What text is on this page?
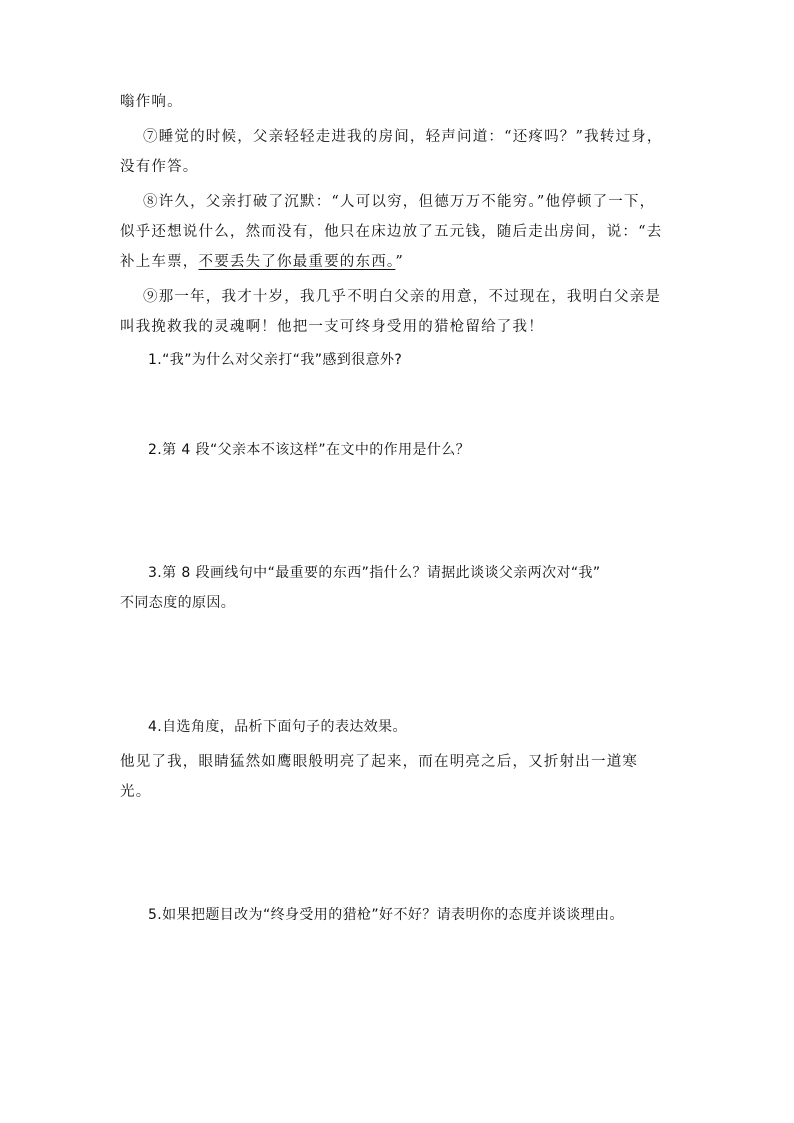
嗡作响。
⑦睡觉的时候，父亲轻轻走进我的房间，轻声问道：“还疼吗？”我转过身，
没有作答。
⑧许久，父亲打破了沉默：“人可以穷，但德万万不能穷。”他停顿了一下，
似乎还想说什么，然而没有，他只在床边放了五元钱，随后走出房间，说：“去
补上车票，不要丢失了你最重要的东西。”
⑨那一年，我才十岁，我几乎不明白父亲的用意，不过现在，我明白父亲是
叫我挽救我的灵魂啊！他把一支可终身受用的猎枪留给了我！
1.“我”为什么对父亲打“我”感到很意外?
2.第 4 段“父亲本不该这样”在文中的作用是什么？
3.第 8 段画线句中“最重要的东西”指什么？请据此谈谈父亲两次对“我”
不同态度的原因。
4.自选角度，品析下面句子的表达效果。
他见了我，眼睛猛然如鹰眼般明亮了起来，而在明亮之后，又折射出一道寒
光。
5.如果把题目改为“终身受用的猎枪”好不好？请表明你的态度并谈谈理由。
